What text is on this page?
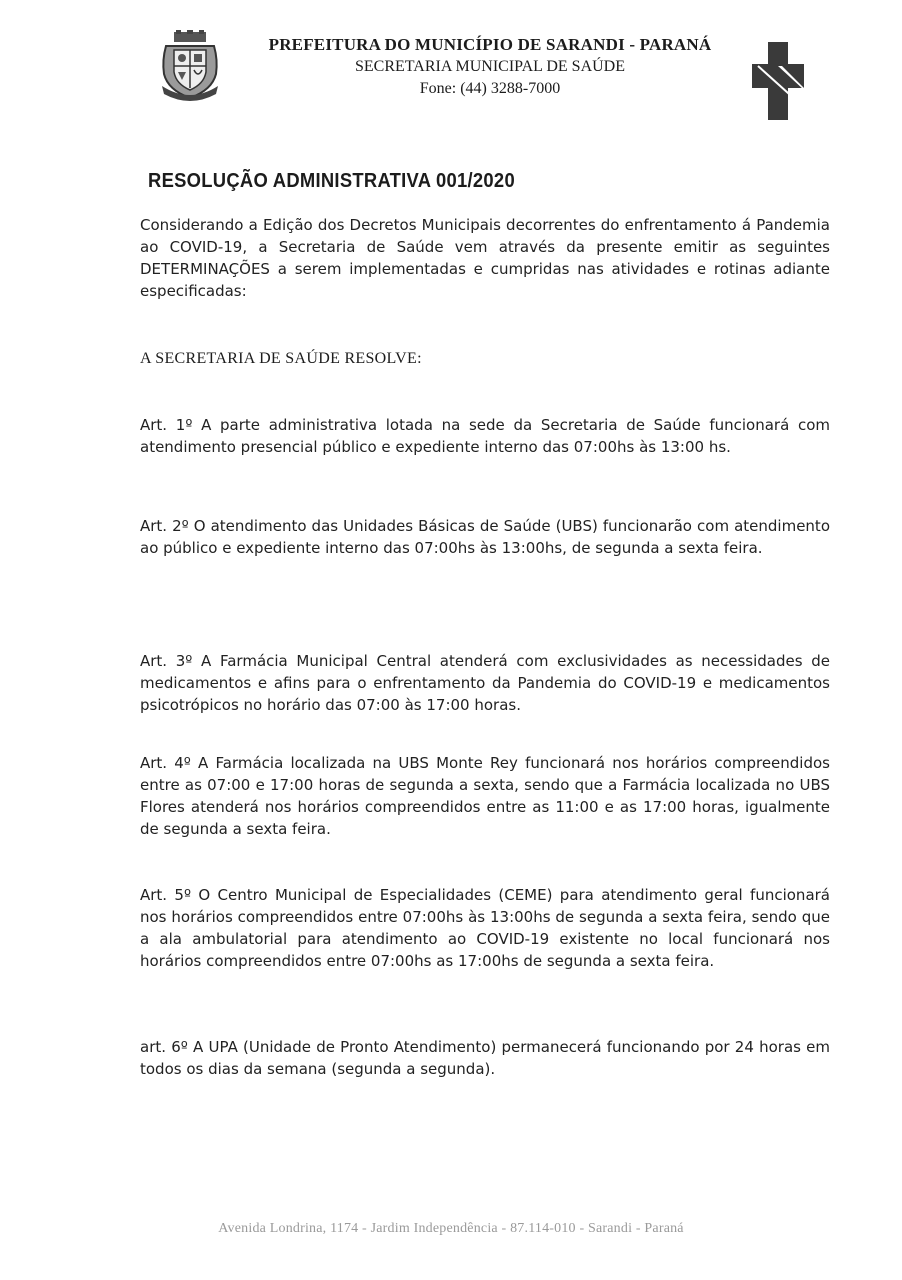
PREFEITURA DO MUNICÍPIO DE SARANDI - PARANÁ
SECRETARIA MUNICIPAL DE SAÚDE
Fone: (44) 3288-7000
RESOLUÇÃO ADMINISTRATIVA 001/2020
Considerando a Edição dos Decretos Municipais decorrentes do enfrentamento á Pandemia ao COVID-19, a Secretaria de Saúde vem através da presente emitir as seguintes DETERMINAÇÕES a serem implementadas e cumpridas nas atividades e rotinas adiante especificadas:
A SECRETARIA DE SAÚDE RESOLVE:
Art. 1º A parte administrativa lotada na sede da Secretaria de Saúde funcionará com atendimento presencial público e expediente interno das 07:00hs às 13:00 hs.
Art. 2º O atendimento das Unidades Básicas de Saúde (UBS) funcionarão com atendimento ao público e expediente interno das 07:00hs às 13:00hs, de segunda a sexta feira.
Art. 3º A Farmácia Municipal Central atenderá com exclusividades as necessidades de medicamentos e afins para o enfrentamento da Pandemia do COVID-19 e medicamentos psicotrópicos no horário das 07:00 às 17:00 horas.
Art. 4º A Farmácia localizada na UBS Monte Rey funcionará nos horários compreendidos entre as 07:00 e 17:00 horas de segunda a sexta, sendo que a Farmácia localizada no UBS Flores atenderá nos horários compreendidos entre as 11:00 e as 17:00 horas, igualmente de segunda a sexta feira.
Art. 5º O Centro Municipal de Especialidades (CEME) para atendimento geral funcionará nos horários compreendidos entre 07:00hs às 13:00hs de segunda a sexta feira, sendo que a ala ambulatorial para atendimento ao COVID-19 existente no local funcionará nos horários compreendidos entre 07:00hs as 17:00hs de segunda a sexta feira.
art. 6º A UPA (Unidade de Pronto Atendimento) permanecerá funcionando por 24 horas em todos os dias da semana (segunda a segunda).
Avenida Londrina, 1174 - Jardim Independência - 87.114-010 - Sarandi - Paraná
